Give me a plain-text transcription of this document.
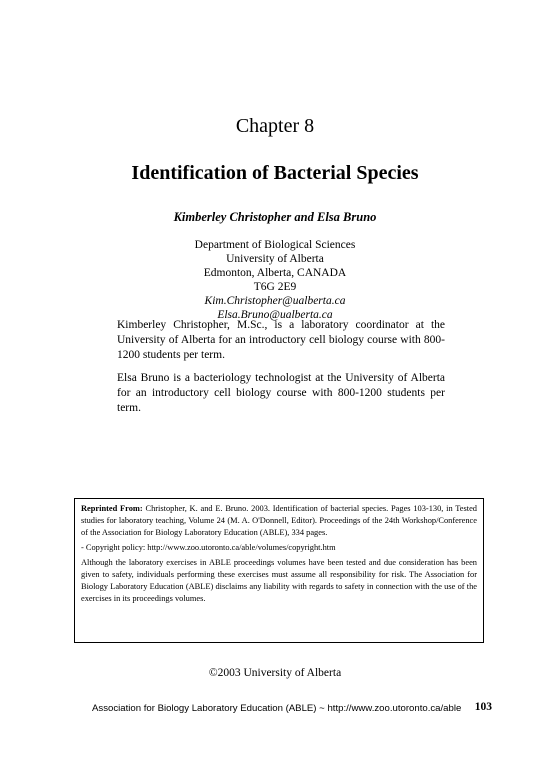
Chapter 8
Identification of Bacterial Species
Kimberley Christopher and Elsa Bruno
Department of Biological Sciences
University of Alberta
Edmonton, Alberta, CANADA
T6G 2E9
Kim.Christopher@ualberta.ca
Elsa.Bruno@ualberta.ca
Kimberley Christopher, M.Sc., is a laboratory coordinator at the University of Alberta for an introductory cell biology course with 800-1200 students per term.
Elsa Bruno is a bacteriology technologist at the University of Alberta for an introductory cell biology course with 800-1200 students per term.

Reprinted From: Christopher, K. and E. Bruno. 2003. Identification of bacterial species. Pages 103-130, in Tested studies for laboratory teaching, Volume 24 (M. A. O'Donnell, Editor). Proceedings of the 24th Workshop/Conference of the Association for Biology Laboratory Education (ABLE), 334 pages.

- Copyright policy: http://www.zoo.utoronto.ca/able/volumes/copyright.htm

Although the laboratory exercises in ABLE proceedings volumes have been tested and due consideration has been given to safety, individuals performing these exercises must assume all responsibility for risk. The Association for Biology Laboratory Education (ABLE) disclaims any liability with regards to safety in connection with the use of the exercises in its proceedings volumes.

©2003 University of Alberta
Association for Biology Laboratory Education (ABLE) ~ http://www.zoo.utoronto.ca/able 103
